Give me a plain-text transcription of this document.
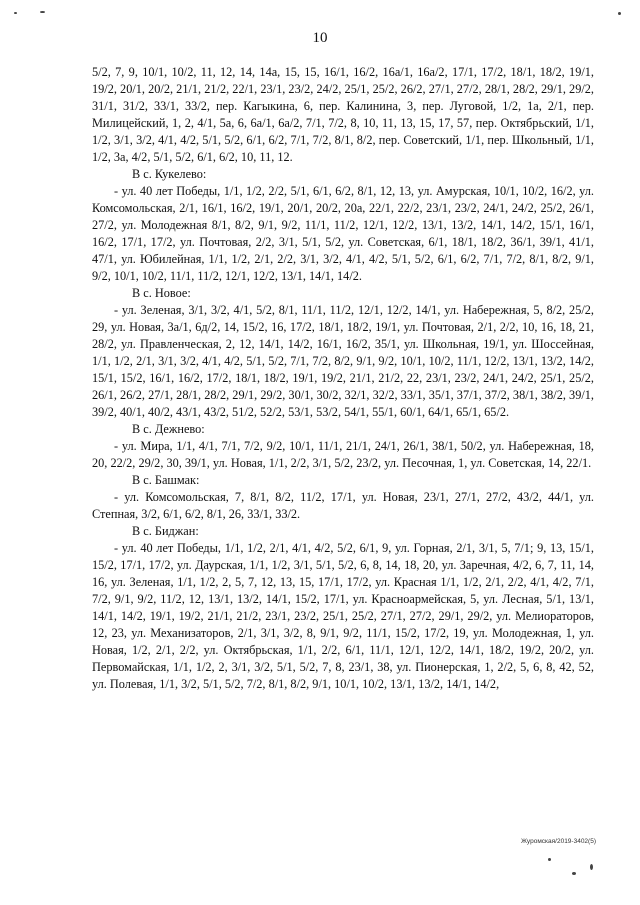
10

5/2, 7, 9, 10/1, 10/2, 11, 12, 14, 14a, 15, 15, 16/1, 16/2, 16a/1, 16a/2, 17/1, 17/2, 18/1, 18/2, 19/1, 19/2, 20/1, 20/2, 21/1, 21/2, 22/1, 23/1, 23/2, 24/2, 25/1, 25/2, 26/2, 27/1, 27/2, 28/1, 28/2, 29/1, 29/2, 31/1, 31/2, 33/1, 33/2, пер. Кагыкина, 6, пер. Калинина, 3, пер. Луговой, 1/2, 1а, 2/1, пер. Милицейский, 1, 2, 4/1, 5a, 6, 6a/1, 6a/2, 7/1, 7/2, 8, 10, 11, 13, 15, 17, 57, пер. Октябрьский, 1/1, 1/2, 3/1, 3/2, 4/1, 4/2, 5/1, 5/2, 6/1, 6/2, 7/1, 7/2, 8/1, 8/2, пер. Советский, 1/1, пер. Школьный, 1/1, 1/2, 3a, 4/2, 5/1, 5/2, 6/1, 6/2, 10, 11, 12.

В с. Кукелево:

- ул. 40 лет Победы, 1/1, 1/2, 2/2, 5/1, 6/1, 6/2, 8/1, 12, 13, ул. Амурская, 10/1, 10/2, 16/2, ул. Комсомольская, 2/1, 16/1, 16/2, 19/1, 20/1, 20/2, 20a, 22/1, 22/2, 23/1, 23/2, 24/1, 24/2, 25/2, 26/1, 27/2, ул. Молодежная 8/1, 8/2, 9/1, 9/2, 11/1, 11/2, 12/1, 12/2, 13/1, 13/2, 14/1, 14/2, 15/1, 16/1, 16/2, 17/1, 17/2, ул. Почтовая, 2/2, 3/1, 5/1, 5/2, ул. Советская, 6/1, 18/1, 18/2, 36/1, 39/1, 41/1, 47/1, ул. Юбилейная, 1/1, 1/2, 2/1, 2/2, 3/1, 3/2, 4/1, 4/2, 5/1, 5/2, 6/1, 6/2, 7/1, 7/2, 8/1, 8/2, 9/1, 9/2, 10/1, 10/2, 11/1, 11/2, 12/1, 12/2, 13/1, 14/1, 14/2.

В с. Новое:

- ул. Зеленая, 3/1, 3/2, 4/1, 5/2, 8/1, 11/1, 11/2, 12/1, 12/2, 14/1, ул. Набережная, 5, 8/2, 25/2, 29, ул. Новая, 3a/1, 6д/2, 14, 15/2, 16, 17/2, 18/1, 18/2, 19/1, ул. Почтовая, 2/1, 2/2, 10, 16, 18, 21, 28/2, ул. Правленческая, 2, 12, 14/1, 14/2, 16/1, 16/2, 35/1, ул. Школьная, 19/1, ул. Шоссейная, 1/1, 1/2, 2/1, 3/1, 3/2, 4/1, 4/2, 5/1, 5/2, 7/1, 7/2, 8/2, 9/1, 9/2, 10/1, 10/2, 11/1, 12/2, 13/1, 13/2, 14/2, 15/1, 15/2, 16/1, 16/2, 17/2, 18/1, 18/2, 19/1, 19/2, 21/1, 21/2, 22, 23/1, 23/2, 24/1, 24/2, 25/1, 25/2, 26/1, 26/2, 27/1, 28/1, 28/2, 29/1, 29/2, 30/1, 30/2, 32/1, 32/2, 33/1, 35/1, 37/1, 37/2, 38/1, 38/2, 39/1, 39/2, 40/1, 40/2, 43/1, 43/2, 51/2, 52/2, 53/1, 53/2, 54/1, 55/1, 60/1, 64/1, 65/1, 65/2.

В с. Дежнево:

- ул. Мира, 1/1, 4/1, 7/1, 7/2, 9/2, 10/1, 11/1, 21/1, 24/1, 26/1, 38/1, 50/2, ул. Набережная, 18, 20, 22/2, 29/2, 30, 39/1, ул. Новая, 1/1, 2/2, 3/1, 5/2, 23/2, ул. Песочная, 1, ул. Советская, 14, 22/1.

В с. Башмак:

- ул. Комсомольская, 7, 8/1, 8/2, 11/2, 17/1, ул. Новая, 23/1, 27/1, 27/2, 43/2, 44/1, ул. Степная, 3/2, 6/1, 6/2, 8/1, 26, 33/1, 33/2.

В с. Биджан:

- ул. 40 лет Победы, 1/1, 1/2, 2/1, 4/1, 4/2, 5/2, 6/1, 9, ул. Горная, 2/1, 3/1, 5, 7/1; 9, 13, 15/1, 15/2, 17/1, 17/2, ул. Даурская, 1/1, 1/2, 3/1, 5/1, 5/2, 6, 8, 14, 18, 20, ул. Заречная, 4/2, 6, 7, 11, 14, 16, ул. Зеленая, 1/1, 1/2, 2, 5, 7, 12, 13, 15, 17/1, 17/2, ул. Красная 1/1, 1/2, 2/1, 2/2, 4/1, 4/2, 7/1, 7/2, 9/1, 9/2, 11/2, 12, 13/1, 13/2, 14/1, 15/2, 17/1, ул. Красноармейская, 5, ул. Лесная, 5/1, 13/1, 14/1, 14/2, 19/1, 19/2, 21/1, 21/2, 23/1, 23/2, 25/1, 25/2, 27/1, 27/2, 29/1, 29/2, ул. Мелиораторов, 12, 23, ул. Механизаторов, 2/1, 3/1, 3/2, 8, 9/1, 9/2, 11/1, 15/2, 17/2, 19, ул. Молодежная, 1, ул. Новая, 1/2, 2/1, 2/2, ул. Октябрьская, 1/1, 2/2, 6/1, 11/1, 12/1, 12/2, 14/1, 18/2, 19/2, 20/2, ул. Первомайская, 1/1, 1/2, 2, 3/1, 3/2, 5/1, 5/2, 7, 8, 23/1, 38, ул. Пионерская, 1, 2/2, 5, 6, 8, 42, 52, ул. Полевая, 1/1, 3/2, 5/1, 5/2, 7/2, 8/1, 8/2, 9/1, 10/1, 10/2, 13/1, 13/2, 14/1, 14/2,

Журомская/2019-3402(5)
